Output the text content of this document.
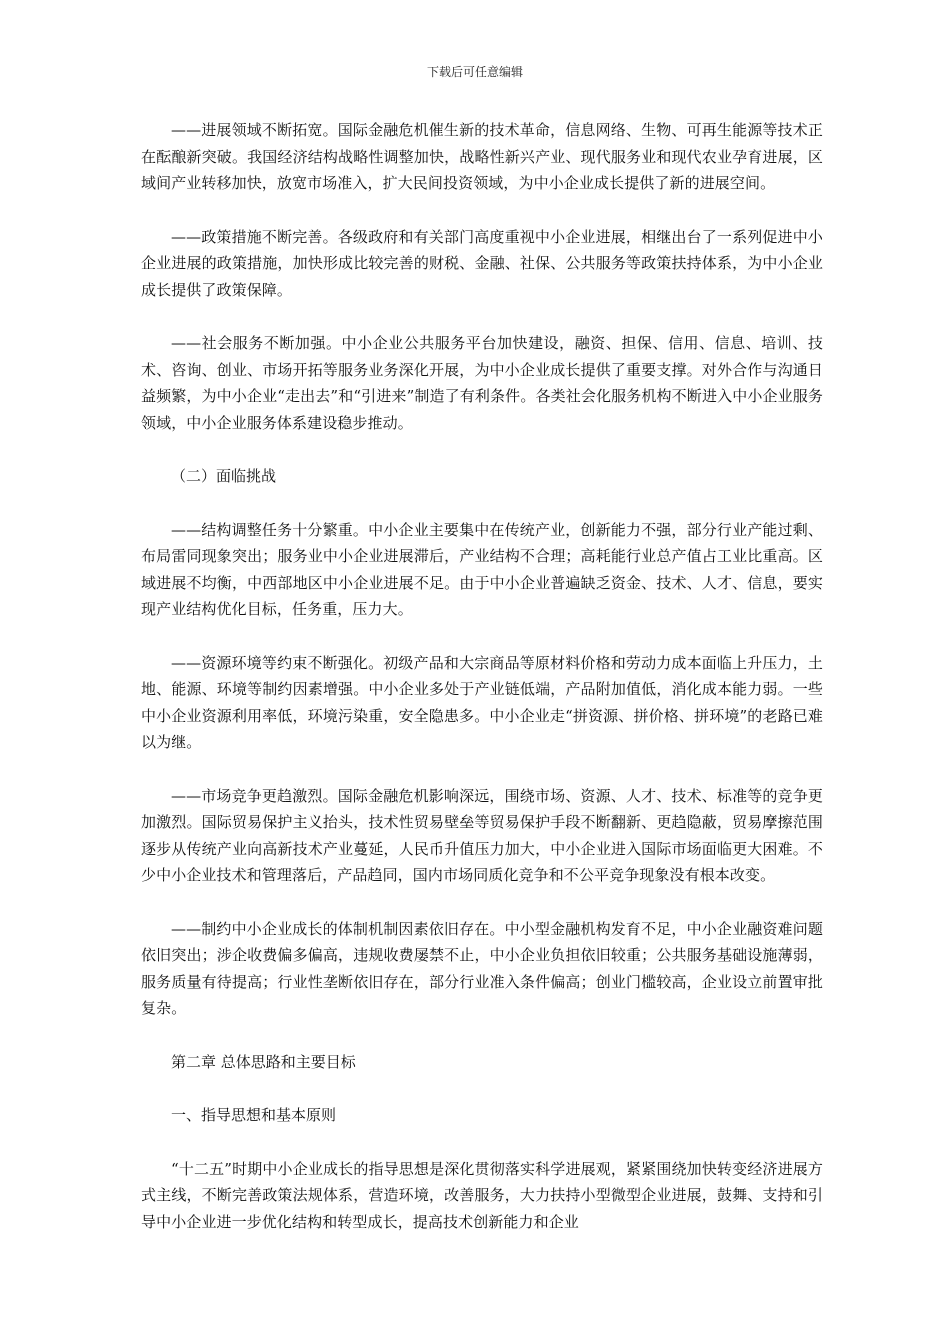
下载后可任意编辑

——进展领域不断拓宽。国际金融危机催生新的技术革命，信息网络、生物、可再生能源等技术正在酝酿新突破。我国经济结构战略性调整加快，战略性新兴产业、现代服务业和现代农业孕育进展，区域间产业转移加快，放宽市场准入，扩大民间投资领域，为中小企业成长提供了新的进展空间。

——政策措施不断完善。各级政府和有关部门高度重视中小企业进展，相继出台了一系列促进中小企业进展的政策措施，加快形成比较完善的财税、金融、社保、公共服务等政策扶持体系，为中小企业成长提供了政策保障。

——社会服务不断加强。中小企业公共服务平台加快建设，融资、担保、信用、信息、培训、技术、咨询、创业、市场开拓等服务业务深化开展，为中小企业成长提供了重要支撑。对外合作与沟通日益频繁，为中小企业“走出去”和“引进来”制造了有利条件。各类社会化服务机构不断进入中小企业服务领域，中小企业服务体系建设稳步推动。

（二）面临挑战

——结构调整任务十分繁重。中小企业主要集中在传统产业，创新能力不强，部分行业产能过剩、布局雷同现象突出；服务业中小企业进展滞后，产业结构不合理；高耗能行业总产值占工业比重高。区域进展不均衡，中西部地区中小企业进展不足。由于中小企业普遍缺乏资金、技术、人才、信息，要实现产业结构优化目标，任务重，压力大。

——资源环境等约束不断强化。初级产品和大宗商品等原材料价格和劳动力成本面临上升压力，土地、能源、环境等制约因素增强。中小企业多处于产业链低端，产品附加值低，消化成本能力弱。一些中小企业资源利用率低，环境污染重，安全隐患多。中小企业走“拼资源、拼价格、拼环境”的老路已难以为继。

——市场竞争更趋激烈。国际金融危机影响深远，围绕市场、资源、人才、技术、标准等的竞争更加激烈。国际贸易保护主义抬头，技术性贸易壁垒等贸易保护手段不断翻新、更趋隐蔽，贸易摩擦范围逐步从传统产业向高新技术产业蔓延，人民币升值压力加大，中小企业进入国际市场面临更大困难。不少中小企业技术和管理落后，产品趋同，国内市场同质化竞争和不公平竞争现象没有根本改变。

——制约中小企业成长的体制机制因素依旧存在。中小型金融机构发育不足，中小企业融资难问题依旧突出；涉企收费偏多偏高，违规收费屡禁不止，中小企业负担依旧较重；公共服务基础设施薄弱，服务质量有待提高；行业性垄断依旧存在，部分行业准入条件偏高；创业门槛较高，企业设立前置审批复杂。

第二章 总体思路和主要目标

一、指导思想和基本原则

“十二五”时期中小企业成长的指导思想是深化贯彻落实科学进展观，紧紧围绕加快转变经济进展方式主线，不断完善政策法规体系，营造环境，改善服务，大力扶持小型微型企业进展，鼓舞、支持和引导中小企业进一步优化结构和转型成长，提高技术创新能力和企业
